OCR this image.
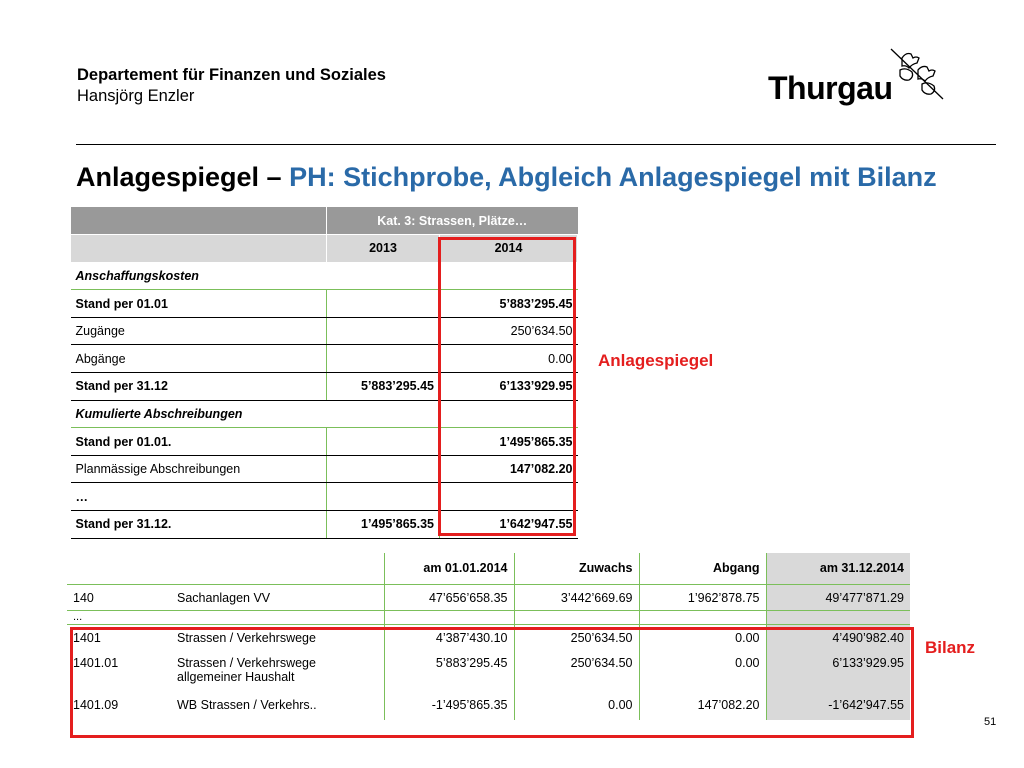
Departement für Finanzen und Soziales
Hansjörg Enzler	Thurgau
Anlagespiegel – PH: Stichprobe, Abgleich Anlagespiegel mit Bilanz
	Kat. 3: Strassen, Plätze…	
	2013	2014
Anschaffungskosten		
Stand per 01.01		5’883’295.45
Zugänge		250’634.50
Abgänge		0.00
Stand per 31.12	5’883’295.45	6’133’929.95
Kumulierte Abschreibungen		
Stand per 01.01.		1’495’865.35
Planmässige Abschreibungen		147’082.20
…		
Stand per 31.12.	1’495’865.35	1’642’947.55
Anlagespiegel
		am 01.01.2014	Zuwachs	Abgang	am 31.12.2014
140	Sachanlagen VV	47’656’658.35	3’442’669.69	1’962’878.75	49’477’871.29
...					
1401	Strassen / Verkehrswege	4’387’430.10	250’634.50	0.00	4’490’982.40
1401.01	Strassen / Verkehrswege allgemeiner Haushalt	5’883’295.45	250’634.50	0.00	6’133’929.95
1401.09	WB Strassen / Verkehrs..	-1’495’865.35	0.00	147’082.20	-1’642’947.55
Bilanz
51
